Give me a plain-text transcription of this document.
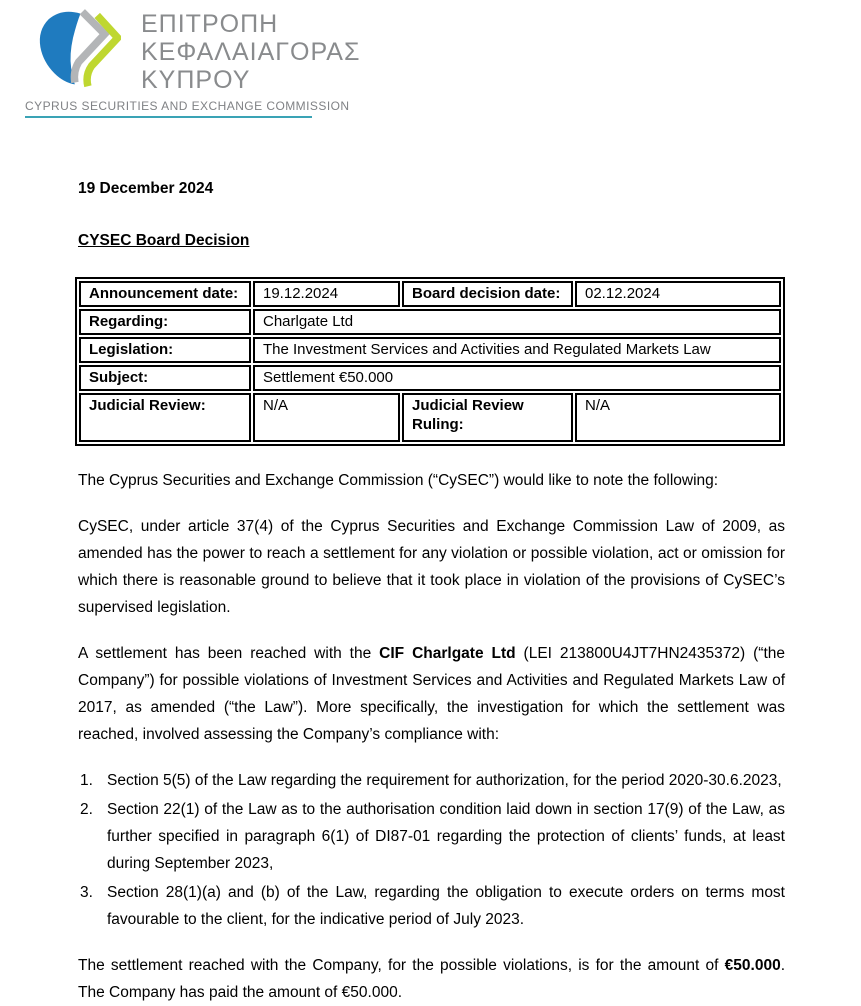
ΕΠΙΤΡΟΠΗ
ΚΕΦΑΛΑΙΑΓΟΡΑΣ
ΚΥΠΡΟΥ
CYPRUS SECURITIES AND EXCHANGE COMMISSION

19 December 2024

CYSEC Board Decision

Announcement date:	19.12.2024	Board decision date:	02.12.2024
Regarding:	Charlgate Ltd		
Legislation:	The Investment Services and Activities and Regulated Markets Law		
Subject:	Settlement €50.000		
Judicial Review:	N/A	Judicial Review Ruling:	N/A

The Cyprus Securities and Exchange Commission (“CySEC”) would like to note the following:

CySEC, under article 37(4) of the Cyprus Securities and Exchange Commission Law of 2009, as amended has the power to reach a settlement for any violation or possible violation, act or omission for which there is reasonable ground to believe that it took place in violation of the provisions of CySEC’s supervised legislation.

A settlement has been reached with the CIF Charlgate Ltd (LEI 213800U4JT7HN2435372) (“the Company”) for possible violations of Investment Services and Activities and Regulated Markets Law of 2017, as amended (“the Law”). More specifically, the investigation for which the settlement was reached, involved assessing the Company’s compliance with:

1. Section 5(5) of the Law regarding the requirement for authorization, for the period 2020-30.6.2023,
2. Section 22(1) of the Law as to the authorisation condition laid down in section 17(9) of the Law, as further specified in paragraph 6(1) of DI87-01 regarding the protection of clients’ funds, at least during September 2023,
3. Section 28(1)(a) and (b) of the Law, regarding the obligation to execute orders on terms most favourable to the client, for the indicative period of July 2023.

The settlement reached with the Company, for the possible violations, is for the amount of €50.000. The Company has paid the amount of €50.000.
